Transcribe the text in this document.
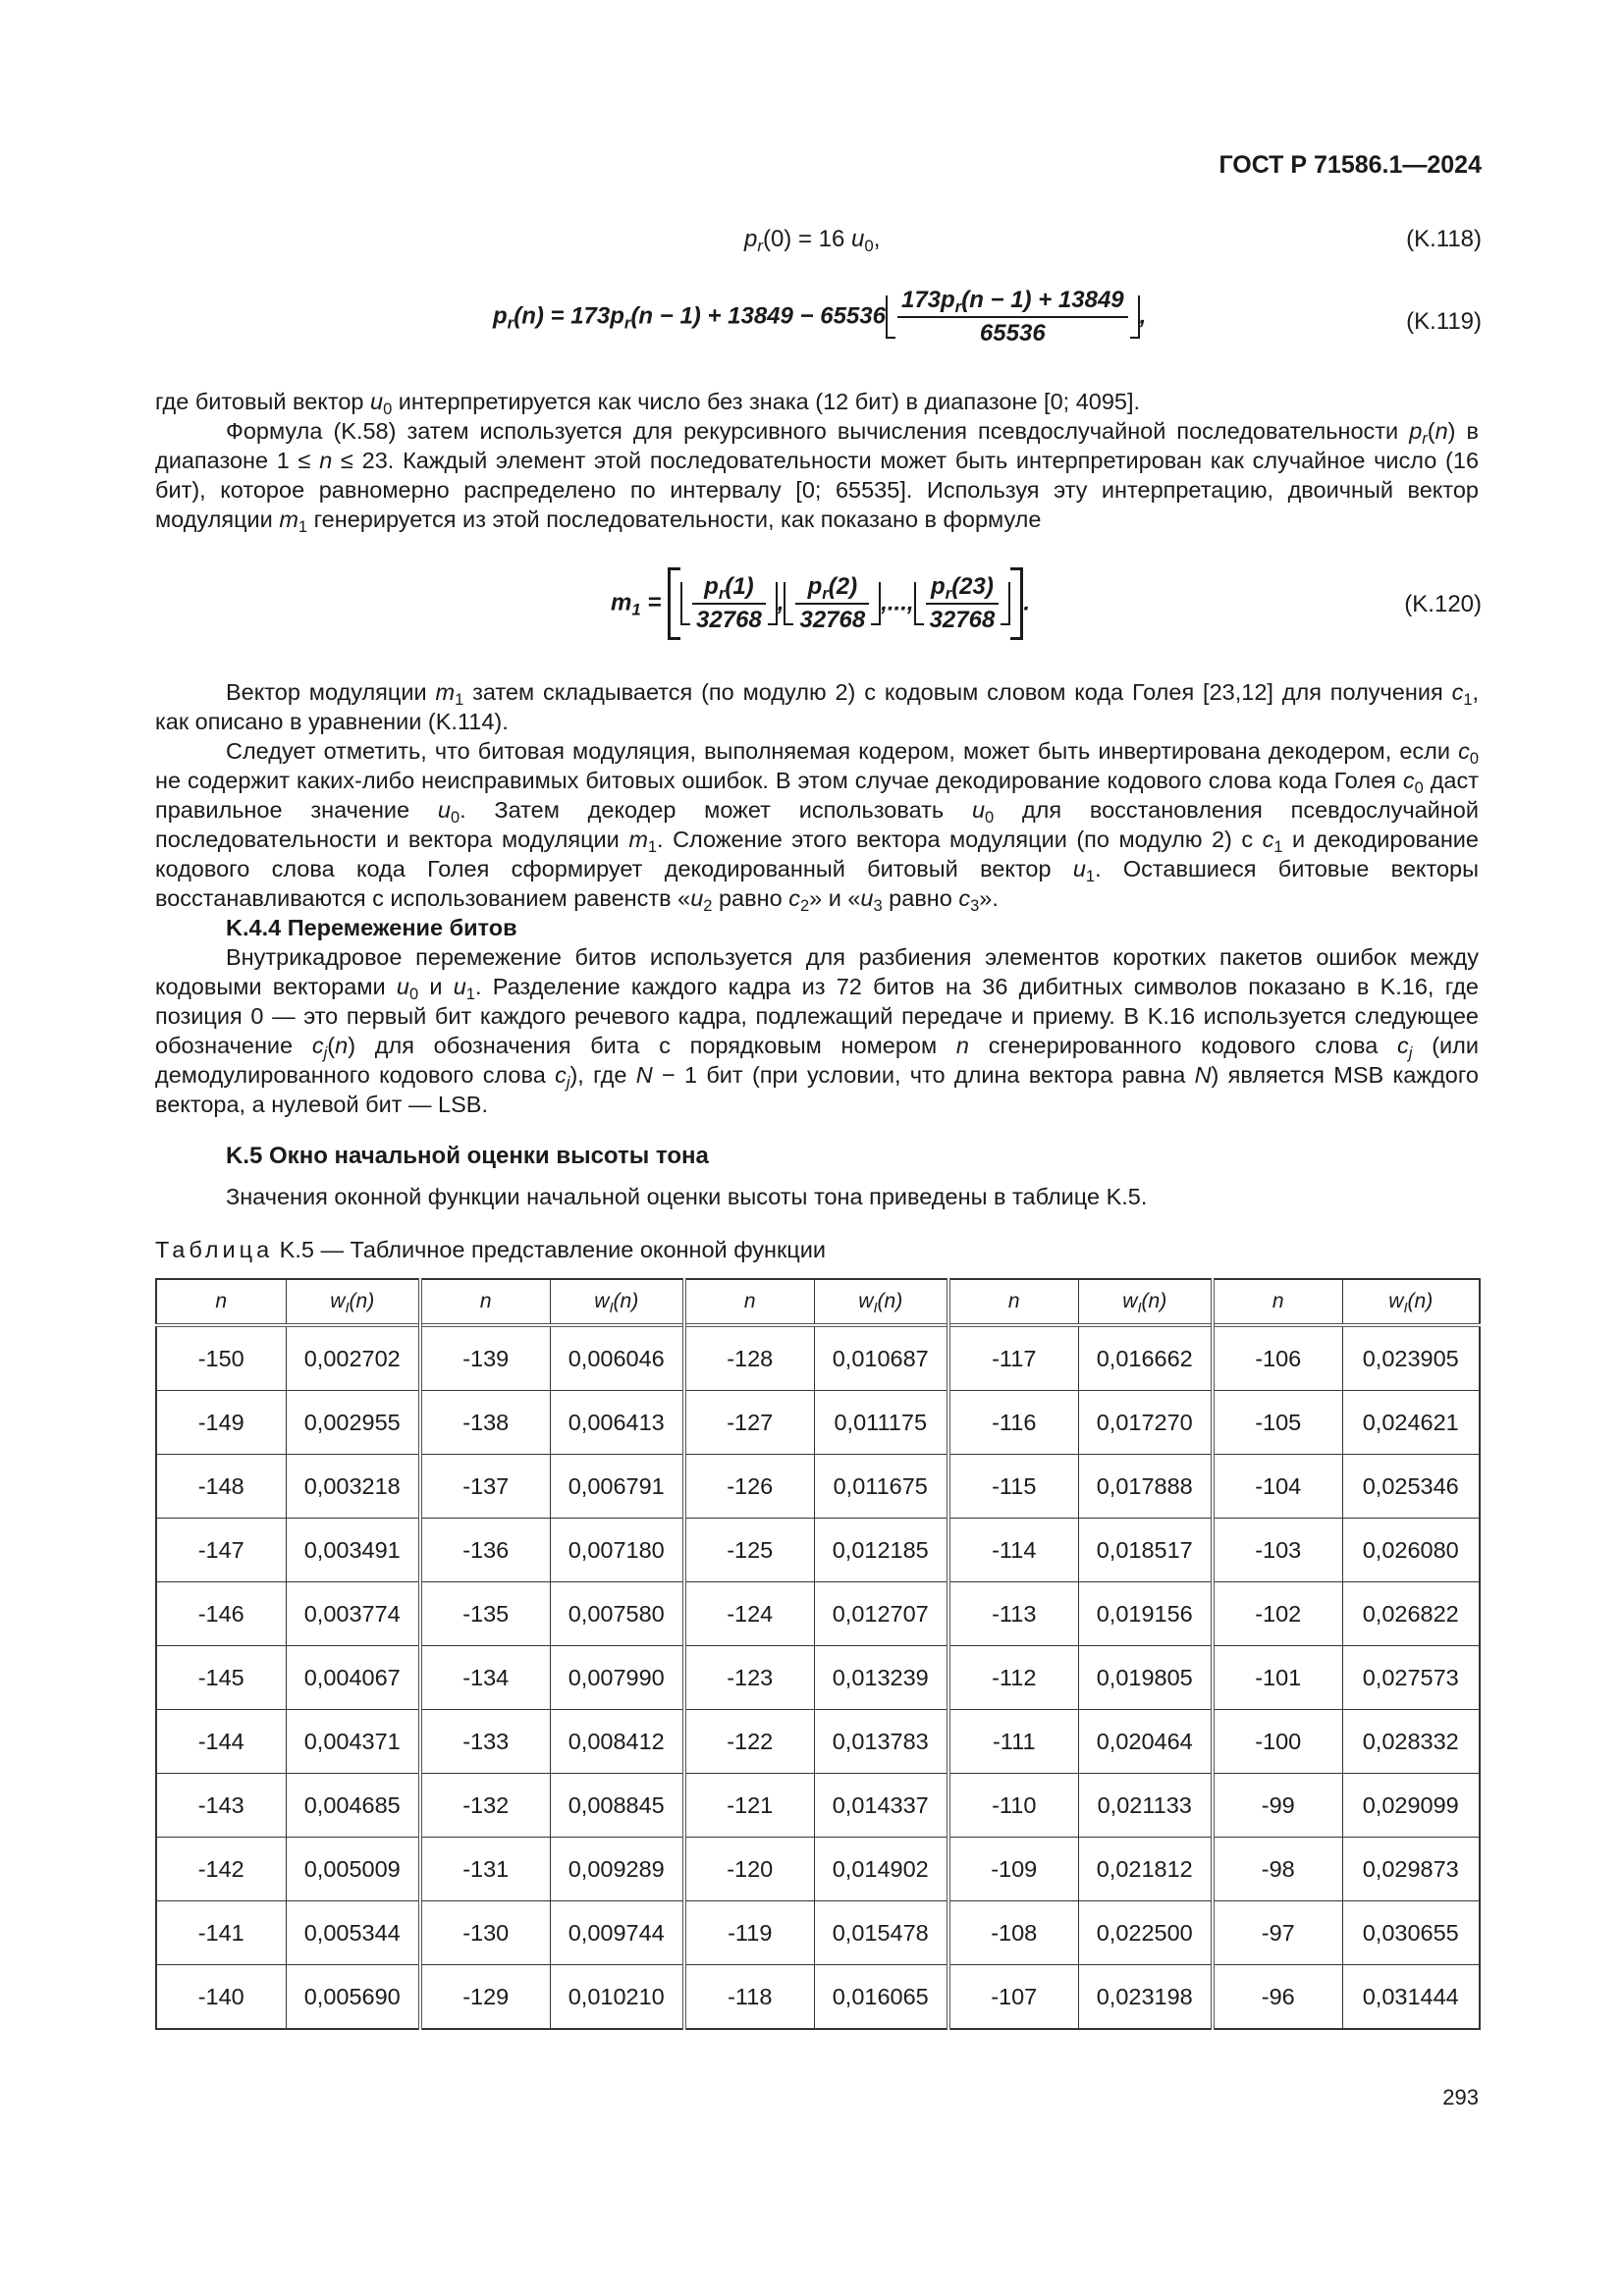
ГОСТ Р 71586.1—2024
$p_r(0) = 16$ $u_0$,	(K.118)
$p_r(n) = 173p_r(n - 1) + 13849 - 65536 \frac{173p_r(n - 1) + 13849}{65536}$ ,	(K.119)

где битовый вектор $u_0$ интерпретируется как число без знака (12 бит) в диапазоне [0; 4095].

Формула (K.58) затем используется для рекурсивного вычисления псевдослучайной последовательности $p_r(n)$ в диапазоне 1 ≤ n ≤ 23. Каждый элемент этой последовательности может быть интерпретирован как случайное число (16 бит), которое равномерно распределено по интервалу [0; 65535]. Используя эту интерпретацию, двоичный вектор модуляции $m_1$ генерируется из этой последовательности, как показано в формуле

$m_1 = \frac{p_r(1)}{32768}$ , $\frac{p_r(2)}{32768}$ ,..., $\frac{p_r(23)}{32768}$ .	(K.120)

Вектор модуляции $m_1$ затем складывается (по модулю 2) с кодовым словом кода Голея [23,12] для получения $c_1$, как описано в уравнении (K.114).

Следует отметить, что битовая модуляция, выполняемая кодером, может быть инвертирована декодером, если $c_0$ не содержит каких-либо неисправимых битовых ошибок. В этом случае декодирование кодового слова кода Голея $c_0$ даст правильное значение $u_0$. Затем декодер может использовать $u_0$ для восстановления псевдослучайной последовательности и вектора модуляции $m_1$. Сложение этого вектора модуляции (по модулю 2) с $c_1$ и декодирование кодового слова кода Голея сформирует декодированный битовый вектор $u_1$. Оставшиеся битовые векторы восстанавливаются с использованием равенств «$u_2$ равно $c_2$» и «$u_3$ равно $c_3$».

K.4.4 Перемежение битов

Внутрикадровое перемежение битов используется для разбиения элементов коротких пакетов ошибок между кодовыми векторами $u_0$ и $u_1$. Разделение каждого кадра из 72 битов на 36 дибитных символов показано в K.16, где позиция 0 — это первый бит каждого речевого кадра, подлежащий передаче и приему. В K.16 используется следующее обозначение $c_j(n)$ для обозначения бита с порядковым номером n сгенерированного кодового слова $c_j$ (или демодулированного кодового слова $c_j$), где N − 1 бит (при условии, что длина вектора равна N) является MSB каждого вектора, а нулевой бит — LSB.

K.5 Окно начальной оценки высоты тона
Значения оконной функции начальной оценки высоты тона приведены в таблице K.5.
Таблица K.5 — Табличное представление оконной функции
n	$w_I(n)$	n	$w_I(n)$	n	$w_I(n)$	n	$w_I(n)$	n	$w_I(n)$
-150	0,002702	-139	0,006046	-128	0,010687	-117	0,016662	-106	0,023905
-149	0,002955	-138	0,006413	-127	0,011175	-116	0,017270	-105	0,024621
-148	0,003218	-137	0,006791	-126	0,011675	-115	0,017888	-104	0,025346
-147	0,003491	-136	0,007180	-125	0,012185	-114	0,018517	-103	0,026080
-146	0,003774	-135	0,007580	-124	0,012707	-113	0,019156	-102	0,026822
-145	0,004067	-134	0,007990	-123	0,013239	-112	0,019805	-101	0,027573
-144	0,004371	-133	0,008412	-122	0,013783	-111	0,020464	-100	0,028332
-143	0,004685	-132	0,008845	-121	0,014337	-110	0,021133	-99	0,029099
-142	0,005009	-131	0,009289	-120	0,014902	-109	0,021812	-98	0,029873
-141	0,005344	-130	0,009744	-119	0,015478	-108	0,022500	-97	0,030655
-140	0,005690	-129	0,010210	-118	0,016065	-107	0,023198	-96	0,031444
293
